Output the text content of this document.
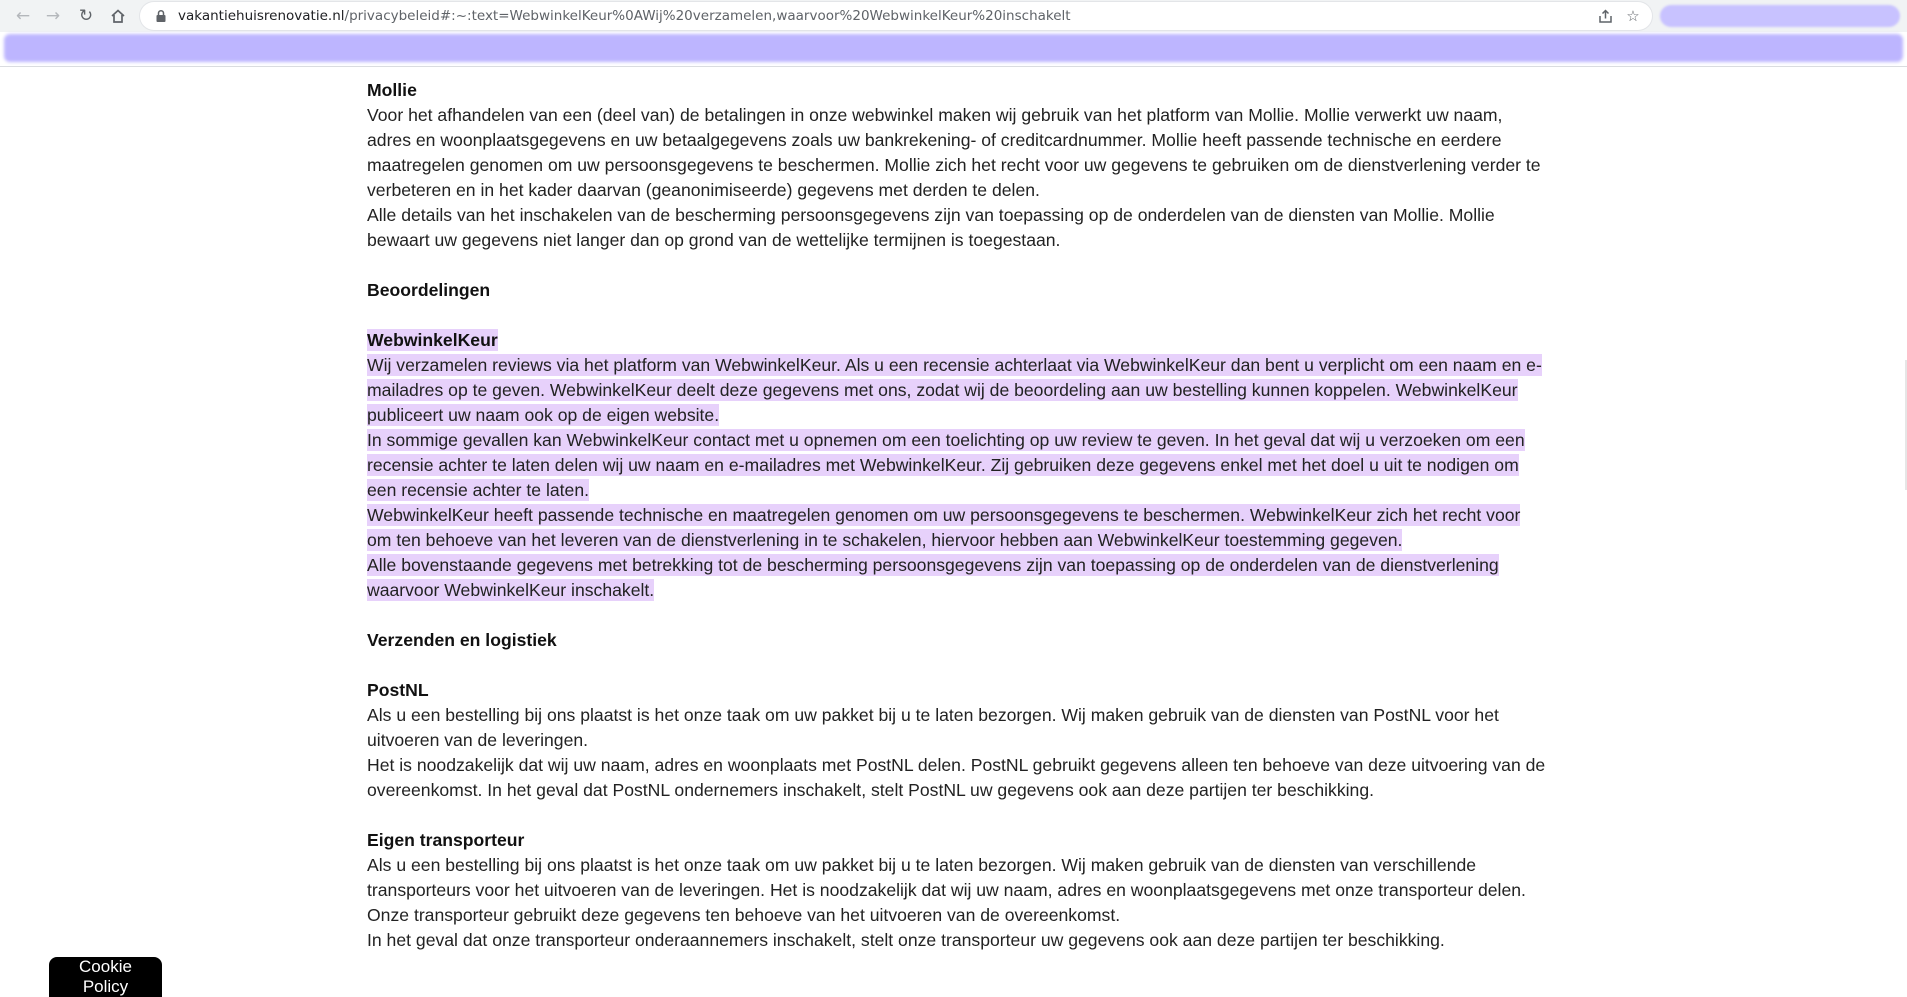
← → ↻	vakantiehuisrenovatie.nl/privacybeleid#:~:text=WebwinkelKeur%0AWij%20verzamelen,waarvoor%20WebwinkelKeur%20inschakelt	☆
Mollie

Voor het afhandelen van een (deel van) de betalingen in onze webwinkel maken wij gebruik van het platform van Mollie. Mollie verwerkt uw naam, adres en woonplaatsgegevens en uw betaalgegevens zoals uw bankrekening- of creditcardnummer. Mollie heeft passende technische en eerdere maatregelen genomen om uw persoonsgegevens te beschermen. Mollie zich het recht voor uw gegevens te gebruiken om de dienstverlening verder te verbeteren en in het kader daarvan (geanonimiseerde) gegevens met derden te delen.

Alle details van het inschakelen van de bescherming persoonsgegevens zijn van toepassing op de onderdelen van de diensten van Mollie. Mollie bewaart uw gegevens niet langer dan op grond van de wettelijke termijnen is toegestaan.

Beoordelingen
WebwinkelKeur

Wij verzamelen reviews via het platform van WebwinkelKeur. Als u een recensie achterlaat via WebwinkelKeur dan bent u verplicht om een naam en e-mailadres op te geven. WebwinkelKeur deelt deze gegevens met ons, zodat wij de beoordeling aan uw bestelling kunnen koppelen. WebwinkelKeur publiceert uw naam ook op de eigen website.

In sommige gevallen kan WebwinkelKeur contact met u opnemen om een toelichting op uw review te geven. In het geval dat wij u verzoeken om een recensie achter te laten delen wij uw naam en e-mailadres met WebwinkelKeur. Zij gebruiken deze gegevens enkel met het doel u uit te nodigen om een recensie achter te laten.

WebwinkelKeur heeft passende technische en maatregelen genomen om uw persoonsgegevens te beschermen. WebwinkelKeur zich het recht voor om ten behoeve van het leveren van de dienstverlening in te schakelen, hiervoor hebben aan WebwinkelKeur toestemming gegeven.

Alle bovenstaande gegevens met betrekking tot de bescherming persoonsgegevens zijn van toepassing op de onderdelen van de dienstverlening waarvoor WebwinkelKeur inschakelt.

Verzenden en logistiek
PostNL

Als u een bestelling bij ons plaatst is het onze taak om uw pakket bij u te laten bezorgen. Wij maken gebruik van de diensten van PostNL voor het uitvoeren van de leveringen.

Het is noodzakelijk dat wij uw naam, adres en woonplaats met PostNL delen. PostNL gebruikt gegevens alleen ten behoeve van deze uitvoering van de overeenkomst. In het geval dat PostNL ondernemers inschakelt, stelt PostNL uw gegevens ook aan deze partijen ter beschikking.

Eigen transporteur

Als u een bestelling bij ons plaatst is het onze taak om uw pakket bij u te laten bezorgen. Wij maken gebruik van de diensten van verschillende transporteurs voor het uitvoeren van de leveringen. Het is noodzakelijk dat wij uw naam, adres en woonplaatsgegevens met onze transporteur delen.

Onze transporteur gebruikt deze gegevens ten behoeve van het uitvoeren van de overeenkomst.

In het geval dat onze transporteur onderaannemers inschakelt, stelt onze transporteur uw gegevens ook aan deze partijen ter beschikking.

Cookie Policy
